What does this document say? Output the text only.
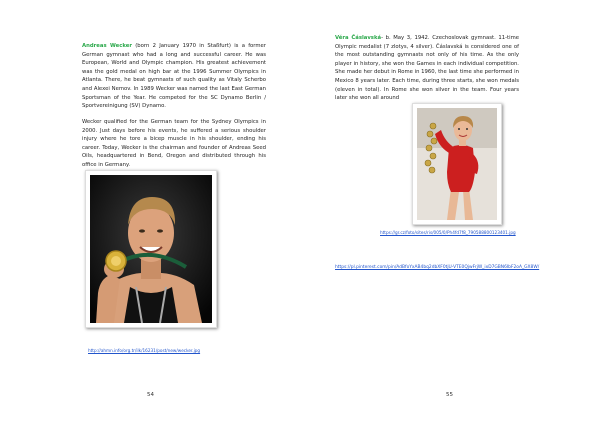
Andreas Wecker (born 2 January 1970 in Staßfurt) is a former German gymnast who had a long and successful career. He was European, World and Olympic champion. His greatest achievement was the gold medal on high bar at the 1996 Summer Olympics in Atlanta. There, he beat gymnasts of such quality as Vitaly Scherbo and Alexei Nemov. In 1989 Wecker was named the last East German Sportsman of the Year. He competed for the SC Dynamo Berlin / Sportvereinigung (SV) Dynamo.

Wecker qualified for the German team for the Sydney Olympics in 2000. Just days before his events, he suffered a serious shoulder injury where he tore a bicep muscle in his shoulder, ending his career. Today, Wecker is the chairman and founder of Andreas Seed Oils, headquartered in Bend, Oregon and distributed through his office in Germany.

http://ahmn.info/org.tr/ilk/16231/post/new/wecker.jpg
54

Věra Čáslavská- b. May 3, 1942. Czechoslovak gymnast. 11-time Olympic medalist (7 zlotys, 4 silver). Čáslavská is considered one of the most outstanding gymnasts not only of his time. As the only player in history, she won the Games in each individual competition. She made her debut in Rome in 1960, the last time she performed in Mexico 8 years later. Each time, during three starts, she won medals (eleven in total). In Rome she won silver in the team. Four years later she won all around

https://gr.cz/foto/sites/ris/005/0/Ph4fd7f8_790588800123401.jpg
https://pl.pinterest.com/pin/AdBfoYxAB4bq2dbXF0tjU-VTE0QjwFrjW_ixD7GBN6IbF2oA_GX8W/
55
